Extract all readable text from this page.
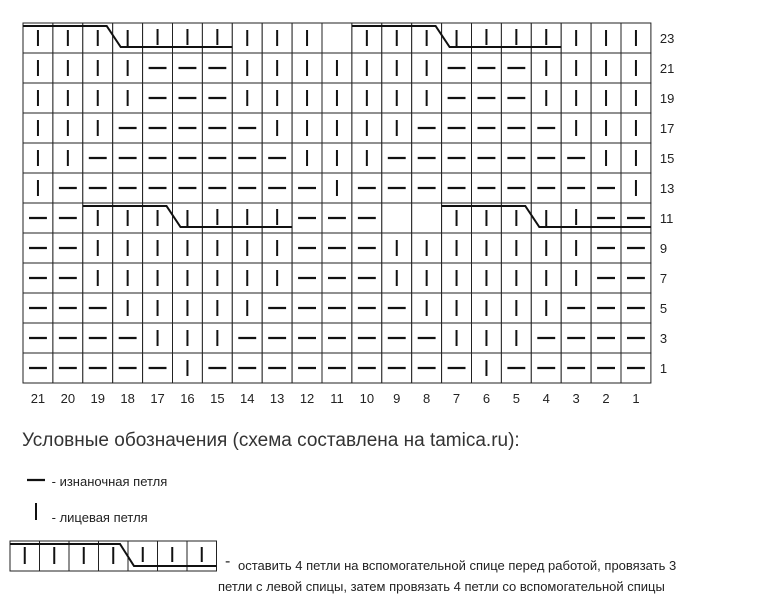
23
21
19
17
15
13
11
9
7
5
3
1
21 20 19 18 17 16 15 14 13 12 11 10 9 8 7 6 5 4 3 2 1
Условные обозначения (схема составлена на tamica.ru):
- изнаночная петля
- лицевая петля
- оставить 4 петли на вспомогательной спице перед работой, провязать 3
петли с левой спицы, затем провязать 4 петли со вспомогательной спицы
